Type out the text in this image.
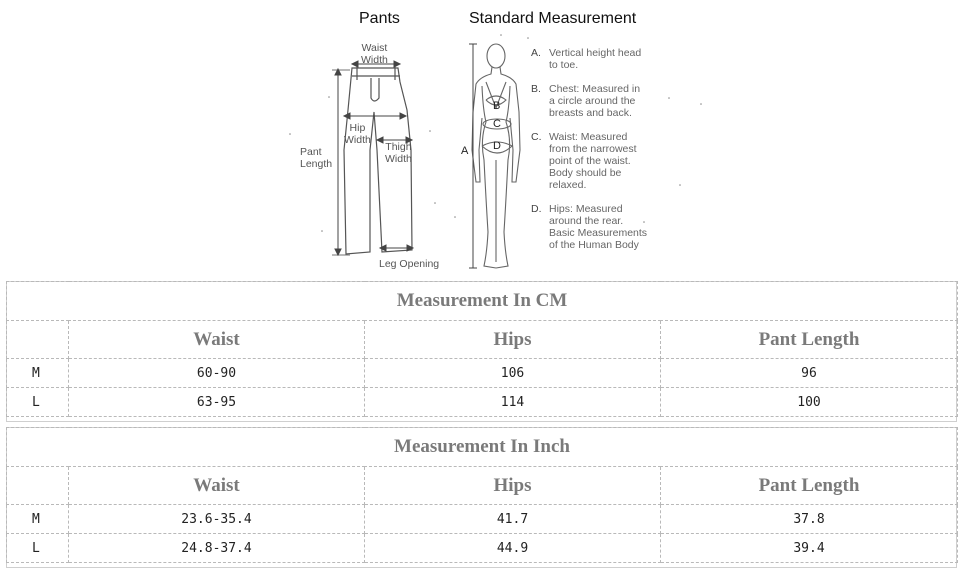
Pants	Standard Measurement
Waist
Width
Hip
Width
Thigh
Width
Pant
Length
Leg Opening
A
B
C
D
A. Vertical height head
to toe.
B. Chest: Measured in
a circle around the
breasts and back.
C. Waist: Measured
from the narrowest
point of the waist.
Body should be
relaxed.
D. Hips: Measured
around the rear.
Basic Measurements
of the Human Body
Measurement In CM			
	Waist	Hips	Pant Length
M	60-90	106	96
L	63-95	114	100
Measurement In Inch			
	Waist	Hips	Pant Length
M	23.6-35.4	41.7	37.8
L	24.8-37.4	44.9	39.4
